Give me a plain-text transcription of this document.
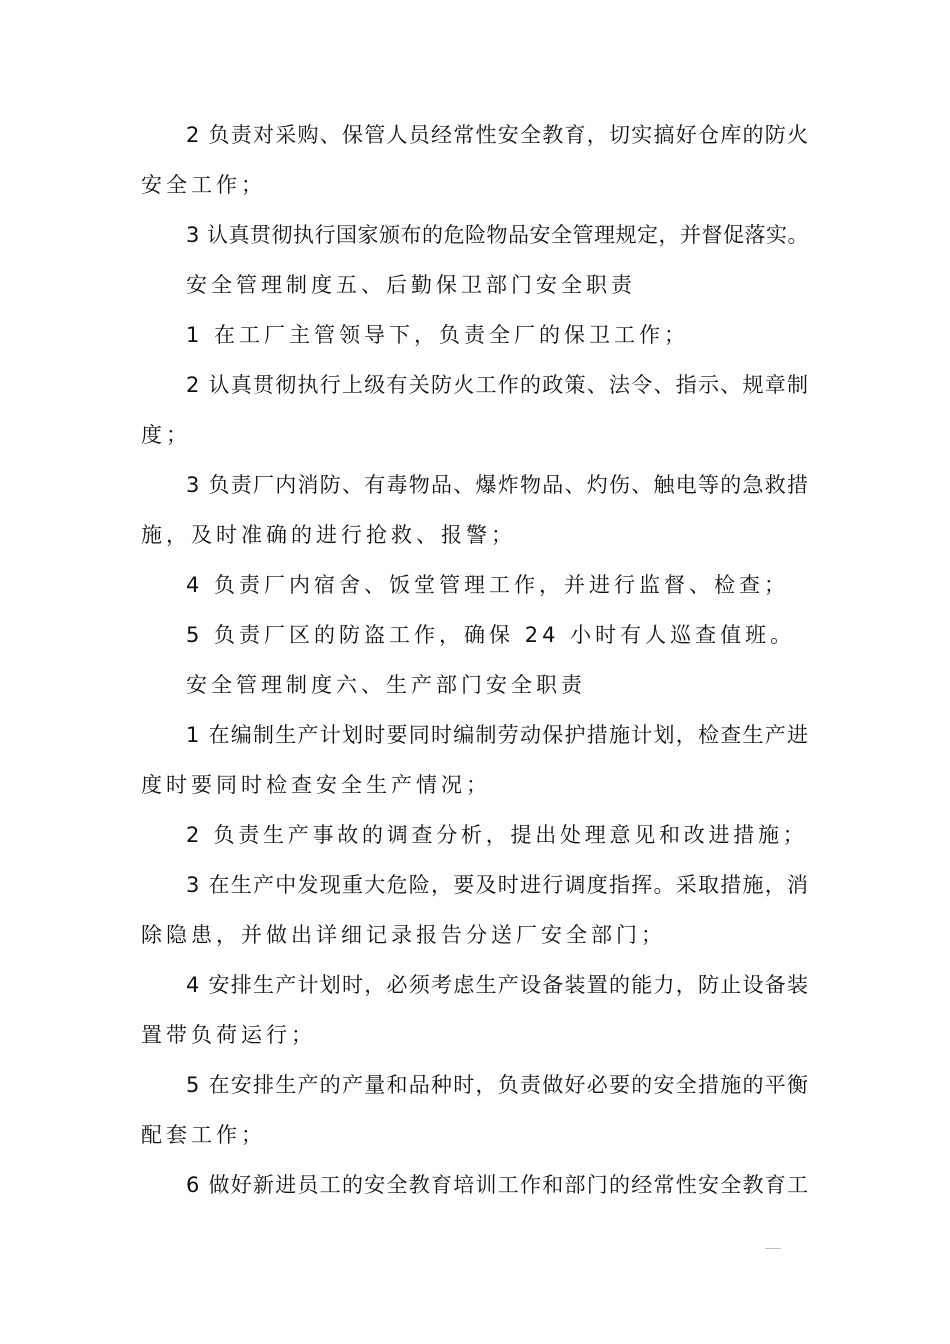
2 负责对采购、保管人员经常性安全教育，切实搞好仓库的防火
安全工作；
3 认真贯彻执行国家颁布的危险物品安全管理规定，并督促落实。
安全管理制度五、后勤保卫部门安全职责
1 在工厂主管领导下，负责全厂的保卫工作；
2 认真贯彻执行上级有关防火工作的政策、法令、指示、规章制
度；
3 负责厂内消防、有毒物品、爆炸物品、灼伤、触电等的急救措
施，及时准确的进行抢救、报警；
4 负责厂内宿舍、饭堂管理工作，并进行监督、检查；
5 负责厂区的防盗工作，确保 24 小时有人巡查值班。
安全管理制度六、生产部门安全职责
1 在编制生产计划时要同时编制劳动保护措施计划，检查生产进
度时要同时检查安全生产情况；
2 负责生产事故的调查分析，提出处理意见和改进措施；
3 在生产中发现重大危险，要及时进行调度指挥。采取措施，消
除隐患，并做出详细记录报告分送厂安全部门；
4 安排生产计划时，必须考虑生产设备装置的能力，防止设备装
置带负荷运行；
5 在安排生产的产量和品种时，负责做好必要的安全措施的平衡
配套工作；
6 做好新进员工的安全教育培训工作和部门的经常性安全教育工
